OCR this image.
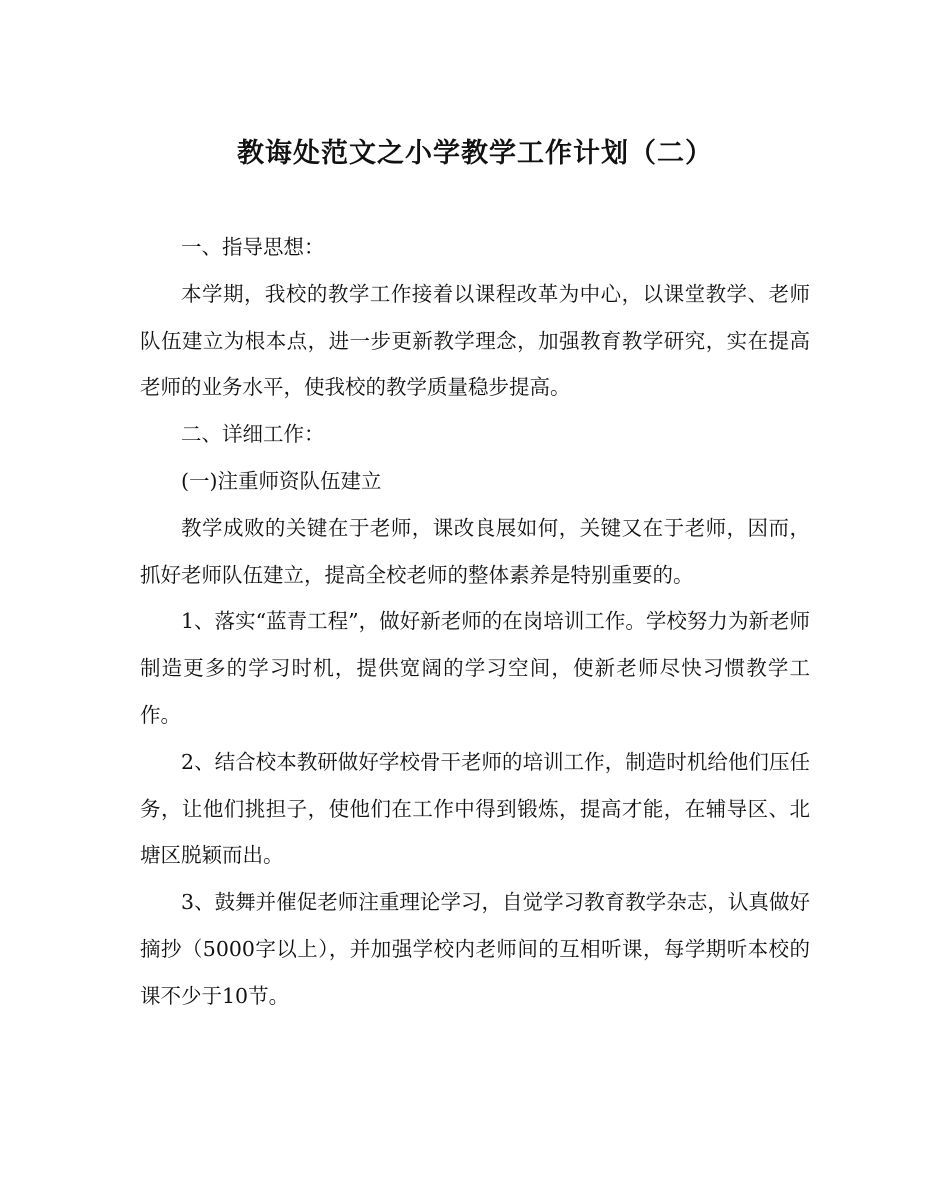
教诲处范文之小学教学工作计划（二）

一、指导思想：

本学期，我校的教学工作接着以课程改革为中心，以课堂教学、老师队伍建立为根本点，进一步更新教学理念，加强教育教学研究，实在提高老师的业务水平，使我校的教学质量稳步提高。

二、详细工作：

(一)注重师资队伍建立

教学成败的关键在于老师，课改良展如何，关键又在于老师，因而，抓好老师队伍建立，提高全校老师的整体素养是特别重要的。

1、落实“蓝青工程”，做好新老师的在岗培训工作。学校努力为新老师制造更多的学习时机，提供宽阔的学习空间，使新老师尽快习惯教学工作。

2、结合校本教研做好学校骨干老师的培训工作，制造时机给他们压任务，让他们挑担子，使他们在工作中得到锻炼，提高才能，在辅导区、北塘区脱颖而出。

3、鼓舞并催促老师注重理论学习，自觉学习教育教学杂志，认真做好摘抄（5000字以上），并加强学校内老师间的互相听课，每学期听本校的课不少于10节。
